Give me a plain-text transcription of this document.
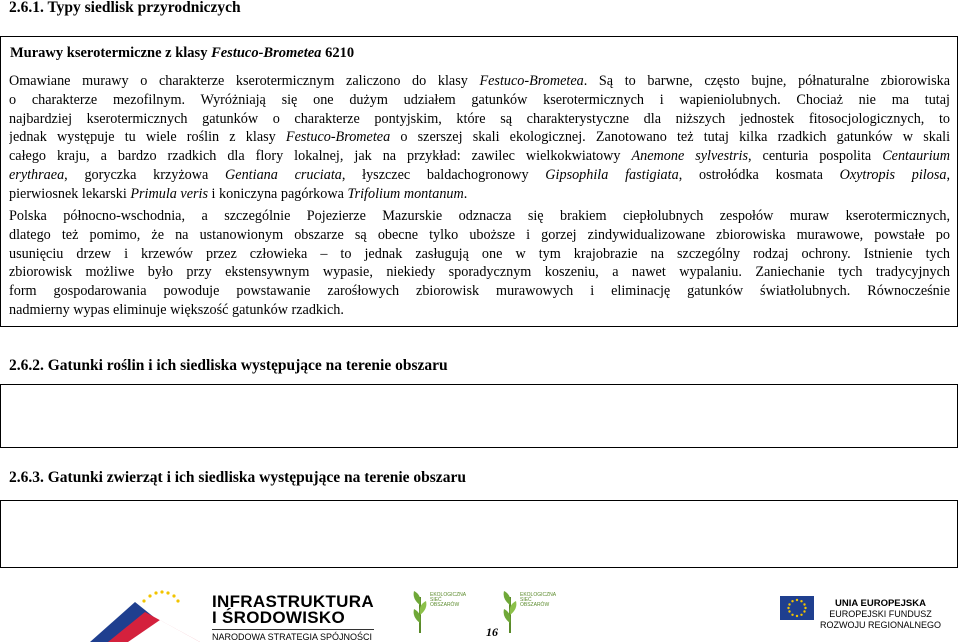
2.6.1. Typy siedlisk przyrodniczych
Murawy kserotermiczne z klasy Festuco-Brometea 6210
Omawiane murawy o charakterze kserotermicznym zaliczono do klasy Festuco-Brometea. Są to barwne, często bujne, półnaturalne zbiorowiska
o charakterze mezofilnym. Wyróżniają się one dużym udziałem gatunków kserotermicznych i wapieniolubnych. Chociaż nie ma tutaj
najbardziej kserotermicznych gatunków o charakterze pontyjskim, które są charakterystyczne dla niższych jednostek fitosocjologicznych, to
jednak występuje tu wiele roślin z klasy Festuco-Brometea o szerszej skali ekologicznej. Zanotowano też tutaj kilka rzadkich gatunków w skali
całego kraju, a bardzo rzadkich dla flory lokalnej, jak na przykład: zawilec wielkokwiatowy Anemone sylvestris, centuria pospolita Centaurium
erythraea, goryczka krzyżowa Gentiana cruciata, łyszczec baldachogronowy Gipsophila fastigiata, ostrołódka kosmata Oxytropis pilosa,
pierwiosnek lekarski Primula veris i koniczyna pagórkowa Trifolium montanum.
Polska północno-wschodnia, a szczególnie Pojezierze Mazurskie odznacza się brakiem ciepłolubnych zespołów muraw kserotermicznych,
dlatego też pomimo, że na ustanowionym obszarze są obecne tylko uboższe i gorzej zindywidualizowane zbiorowiska murawowe, powstałe po
usunięciu drzew i krzewów przez człowieka – to jednak zasługują one w tym krajobrazie na szczególny rodzaj ochrony. Istnienie tych
zbiorowisk możliwe było przy ekstensywnym wypasie, niekiedy sporadycznym koszeniu, a nawet wypalaniu. Zaniechanie tych tradycyjnych
form gospodarowania powoduje powstawanie zarośłowych zbiorowisk murawowych i eliminację gatunków światłolubnych. Równocześnie
nadmierny wypas eliminuje większość gatunków rzadkich.
2.6.2. Gatunki roślin i ich siedliska występujące na terenie obszaru
2.6.3. Gatunki zwierząt i ich siedliska występujące na terenie obszaru
INFRASTRUKTURA
I ŚRODOWISKO
NARODOWA STRATEGIA SPÓJNOŚCI
EKOLOGICZNA SIEĆ OBSZARÓW
EKOLOGICZNA SIEĆ OBSZARÓW	UNIA EUROPEJSKA
EUROPEJSKI FUNDUSZ
ROZWOJU REGIONALNEGO
16
